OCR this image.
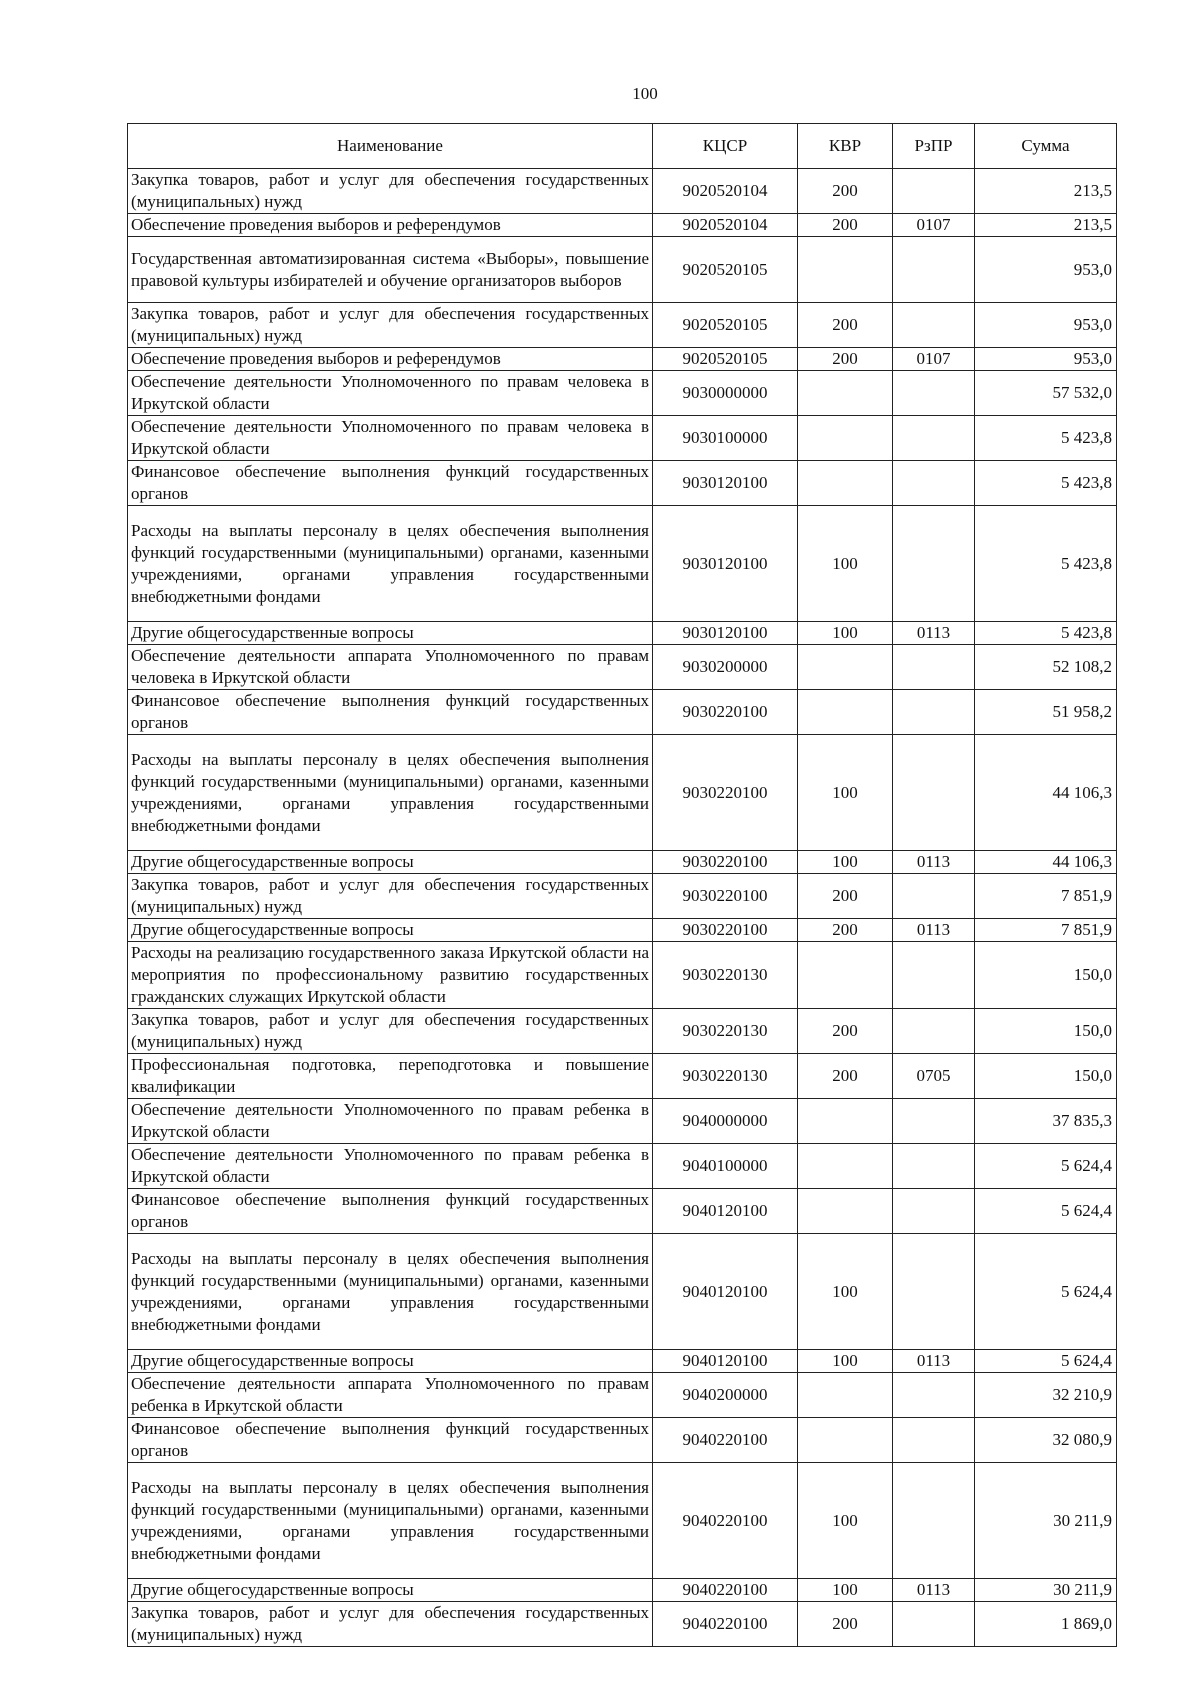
100
Наименование	КЦСР	КВР	РзПР	Сумма
Закупка товаров, работ и услуг для обеспечения государственных (муниципальных) нужд	9020520104	200		213,5
Обеспечение проведения выборов и референдумов	9020520104	200	0107	213,5
Государственная автоматизированная система «Выборы», повышение правовой культуры избирателей и обучение организаторов выборов	9020520105			953,0
Закупка товаров, работ и услуг для обеспечения государственных (муниципальных) нужд	9020520105	200		953,0
Обеспечение проведения выборов и референдумов	9020520105	200	0107	953,0
Обеспечение деятельности Уполномоченного по правам человека в Иркутской области	9030000000			57 532,0
Обеспечение деятельности Уполномоченного по правам человека в Иркутской области	9030100000			5 423,8
Финансовое обеспечение выполнения функций государственных органов	9030120100			5 423,8
Расходы на выплаты персоналу в целях обеспечения выполнения функций государственными (муниципальными) органами, казенными учреждениями, органами управления государственными внебюджетными фондами	9030120100	100		5 423,8
Другие общегосударственные вопросы	9030120100	100	0113	5 423,8
Обеспечение деятельности аппарата Уполномоченного по правам человека в Иркутской области	9030200000			52 108,2
Финансовое обеспечение выполнения функций государственных органов	9030220100			51 958,2
Расходы на выплаты персоналу в целях обеспечения выполнения функций государственными (муниципальными) органами, казенными учреждениями, органами управления государственными внебюджетными фондами	9030220100	100		44 106,3
Другие общегосударственные вопросы	9030220100	100	0113	44 106,3
Закупка товаров, работ и услуг для обеспечения государственных (муниципальных) нужд	9030220100	200		7 851,9
Другие общегосударственные вопросы	9030220100	200	0113	7 851,9
Расходы на реализацию государственного заказа Иркутской области на мероприятия по профессиональному развитию государственных гражданских служащих Иркутской области	9030220130			150,0
Закупка товаров, работ и услуг для обеспечения государственных (муниципальных) нужд	9030220130	200		150,0
Профессиональная подготовка, переподготовка и повышение квалификации	9030220130	200	0705	150,0
Обеспечение деятельности Уполномоченного по правам ребенка в Иркутской области	9040000000			37 835,3
Обеспечение деятельности Уполномоченного по правам ребенка в Иркутской области	9040100000			5 624,4
Финансовое обеспечение выполнения функций государственных органов	9040120100			5 624,4
Расходы на выплаты персоналу в целях обеспечения выполнения функций государственными (муниципальными) органами, казенными учреждениями, органами управления государственными внебюджетными фондами	9040120100	100		5 624,4
Другие общегосударственные вопросы	9040120100	100	0113	5 624,4
Обеспечение деятельности аппарата Уполномоченного по правам ребенка в Иркутской области	9040200000			32 210,9
Финансовое обеспечение выполнения функций государственных органов	9040220100			32 080,9
Расходы на выплаты персоналу в целях обеспечения выполнения функций государственными (муниципальными) органами, казенными учреждениями, органами управления государственными внебюджетными фондами	9040220100	100		30 211,9
Другие общегосударственные вопросы	9040220100	100	0113	30 211,9
Закупка товаров, работ и услуг для обеспечения государственных (муниципальных) нужд	9040220100	200		1 869,0
